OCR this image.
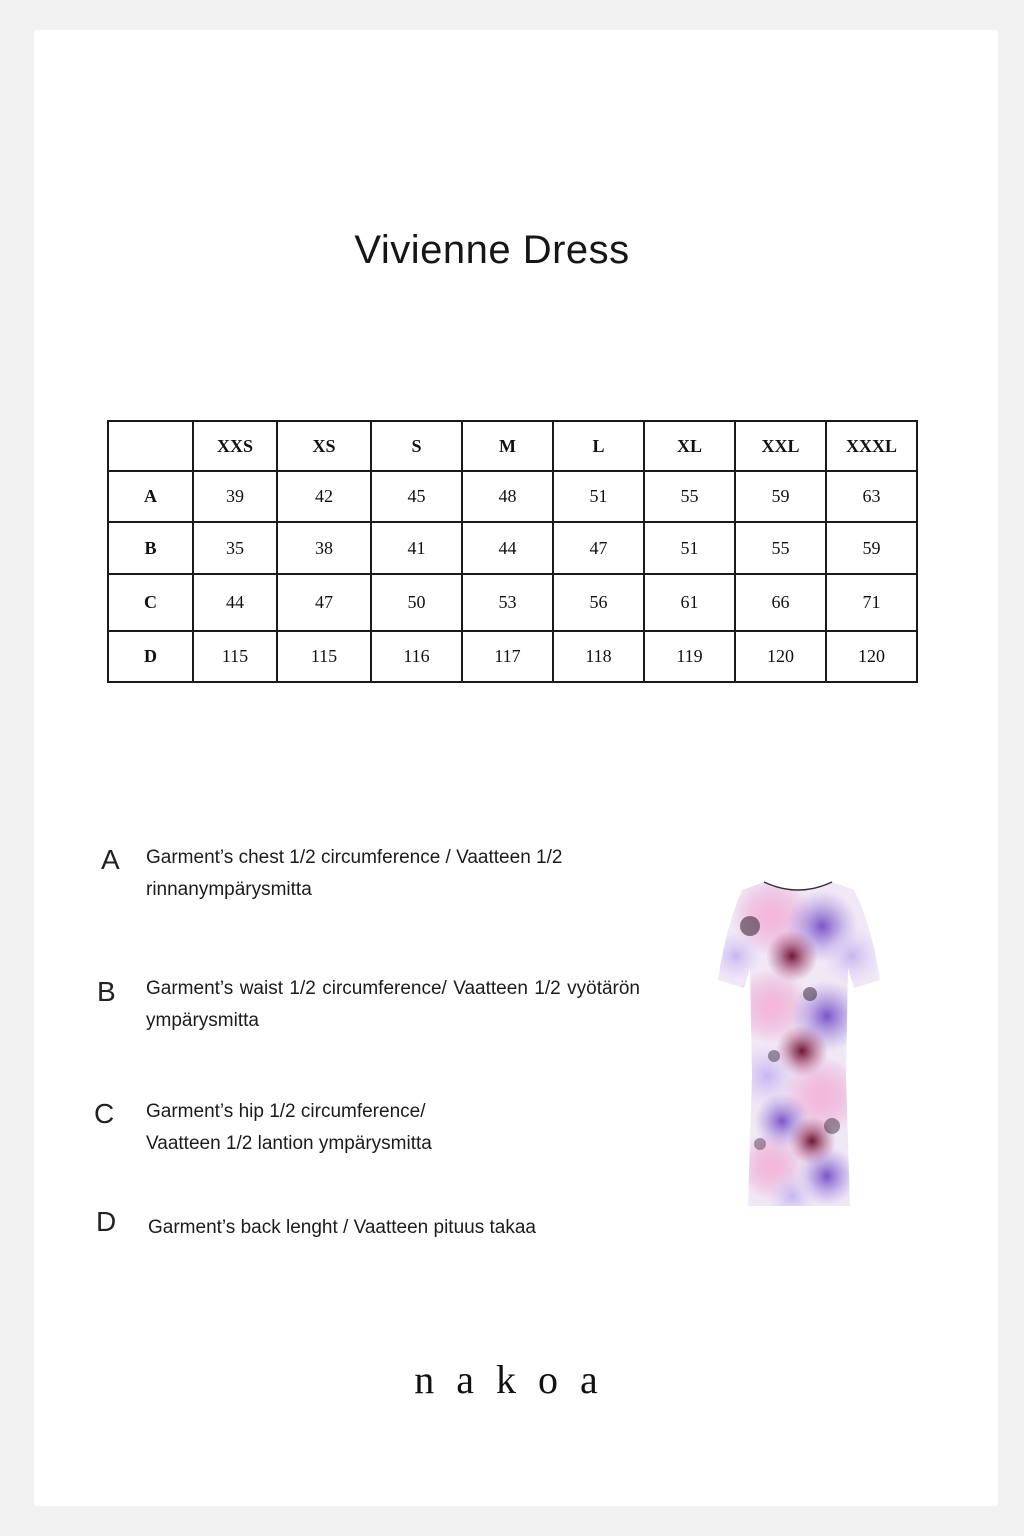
Vivienne Dress
	XXS	XS	S	M	L	XL	XXL	XXXL
A	39	42	45	48	51	55	59	63
B	35	38	41	44	47	51	55	59
C	44	47	50	53	56	61	66	71
D	115	115	116	117	118	119	120	120
A Garment’s chest 1/2 circumference / Vaatteen 1/2 rinnanympärysmitta
B Garment’s waist 1/2 circumference/ Vaatteen 1/2 vyötärön ympärysmitta
C Garment’s hip 1/2 circumference/
Vaatteen 1/2 lantion ympärysmitta
D Garment’s back lenght / Vaatteen pituus takaa
nakoa
